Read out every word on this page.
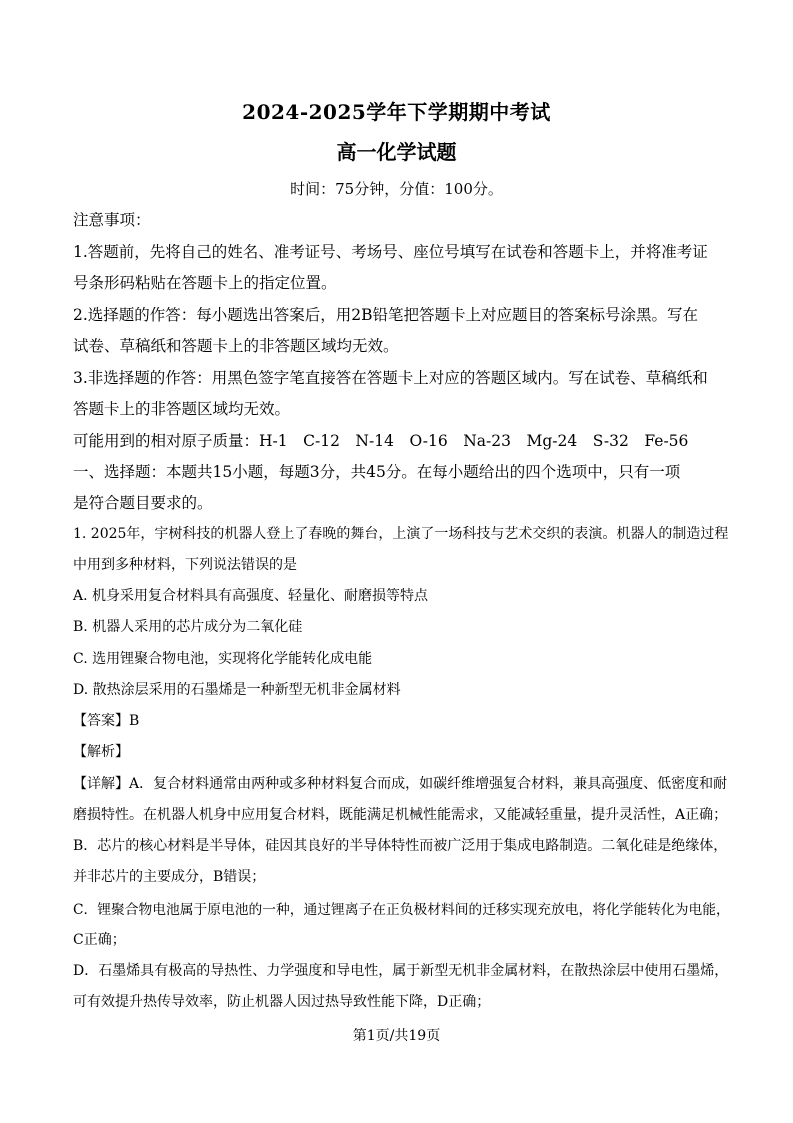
2024-2025学年下学期期中考试
高一化学试题
时间：75分钟，分值：100分。
注意事项：
1.答题前，先将自己的姓名、准考证号、考场号、座位号填写在试卷和答题卡上，并将准考证
号条形码粘贴在答题卡上的指定位置。
2.选择题的作答：每小题选出答案后，用2B铅笔把答题卡上对应题目的答案标号涂黑。写在
试卷、草稿纸和答题卡上的非答题区域均无效。
3.非选择题的作答：用黑色签字笔直接答在答题卡上对应的答题区域内。写在试卷、草稿纸和
答题卡上的非答题区域均无效。
可能用到的相对原子质量：H-1　C-12　N-14　O-16　Na-23　Mg-24　S-32　Fe-56
一、选择题：本题共15小题，每题3分，共45分。在每小题给出的四个选项中，只有一项
是符合题目要求的。
1. 2025年，宇树科技的机器人登上了春晚的舞台，上演了一场科技与艺术交织的表演。机器人的制造过程
中用到多种材料，下列说法错误的是
A. 机身采用复合材料具有高强度、轻量化、耐磨损等特点
B. 机器人采用的芯片成分为二氧化硅
C. 选用锂聚合物电池，实现将化学能转化成电能
D. 散热涂层采用的石墨烯是一种新型无机非金属材料
【答案】B
【解析】
【详解】A．复合材料通常由两种或多种材料复合而成，如碳纤维增强复合材料，兼具高强度、低密度和耐
磨损特性。在机器人机身中应用复合材料，既能满足机械性能需求，又能减轻重量，提升灵活性，A正确；
B．芯片的核心材料是半导体，硅因其良好的半导体特性而被广泛用于集成电路制造。二氧化硅是绝缘体，
并非芯片的主要成分，B错误；
C．锂聚合物电池属于原电池的一种，通过锂离子在正负极材料间的迁移实现充放电，将化学能转化为电能，
C正确；
D．石墨烯具有极高的导热性、力学强度和导电性，属于新型无机非金属材料，在散热涂层中使用石墨烯，
可有效提升热传导效率，防止机器人因过热导致性能下降，D正确；
第1页/共19页
